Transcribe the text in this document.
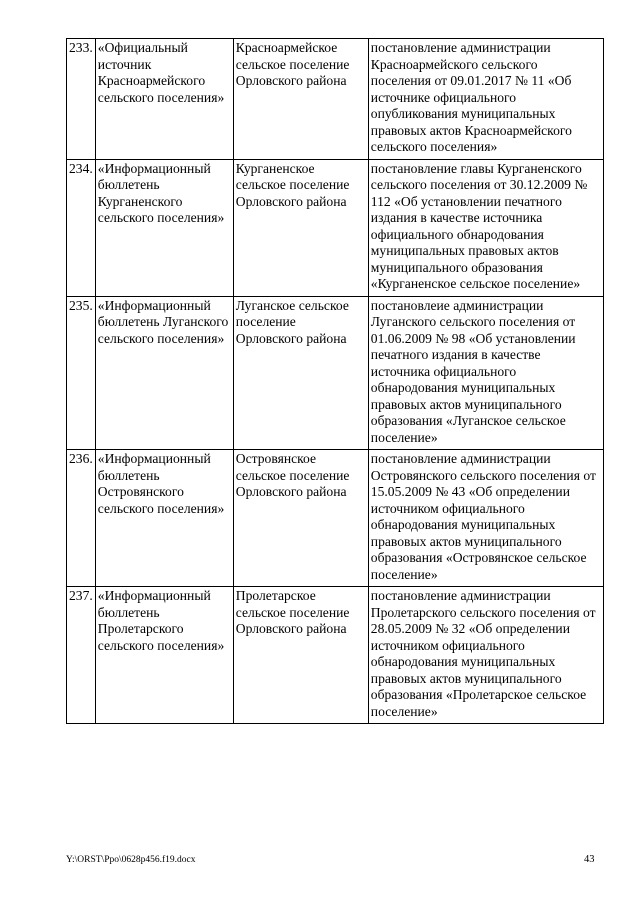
233.	«Официальный источник Красноармейского сельского поселения»	Красноармейское сельское поселение Орловского района	постановление администрации Красноармейского сельского поселения от 09.01.2017 № 11 «Об источнике официального опубликования муниципальных правовых актов Красноармейского сельского поселения»
234.	«Информационный бюллетень Курганенского сельского поселения»	Курганенское сельское поселение Орловского района	постановление главы Курганенского сельского поселения от 30.12.2009 № 112 «Об установлении печатного издания в качестве источника официального обнародования муниципальных правовых актов муниципального образования «Курганенское сельское поселение»
235.	«Информационный бюллетень Луганского сельского поселения»	Луганское сельское поселение Орловского района	постановлеие администрации Луганского сельского поселения от 01.06.2009 № 98 «Об установлении печатного издания в качестве источника официального обнародования муниципальных правовых актов муниципального образования «Луганское сельское поселение»
236.	«Информационный бюллетень Островянского сельского поселения»	Островянское сельское поселение Орловского района	постановление администрации Островянского сельского поселения от 15.05.2009 № 43 «Об определении источником официального обнародования муниципальных правовых актов муниципального образования «Островянское сельское поселение»
237.	«Информационный бюллетень Пролетарского сельского поселения»	Пролетарское сельское поселение Орловского района	постановление администрации Пролетарского сельского поселения от 28.05.2009 № 32 «Об определении источником официального обнародования муниципальных правовых актов муниципального образования «Пролетарское сельское поселение»
Y:\ORST\Ppo\0628p456.f19.docx	43
